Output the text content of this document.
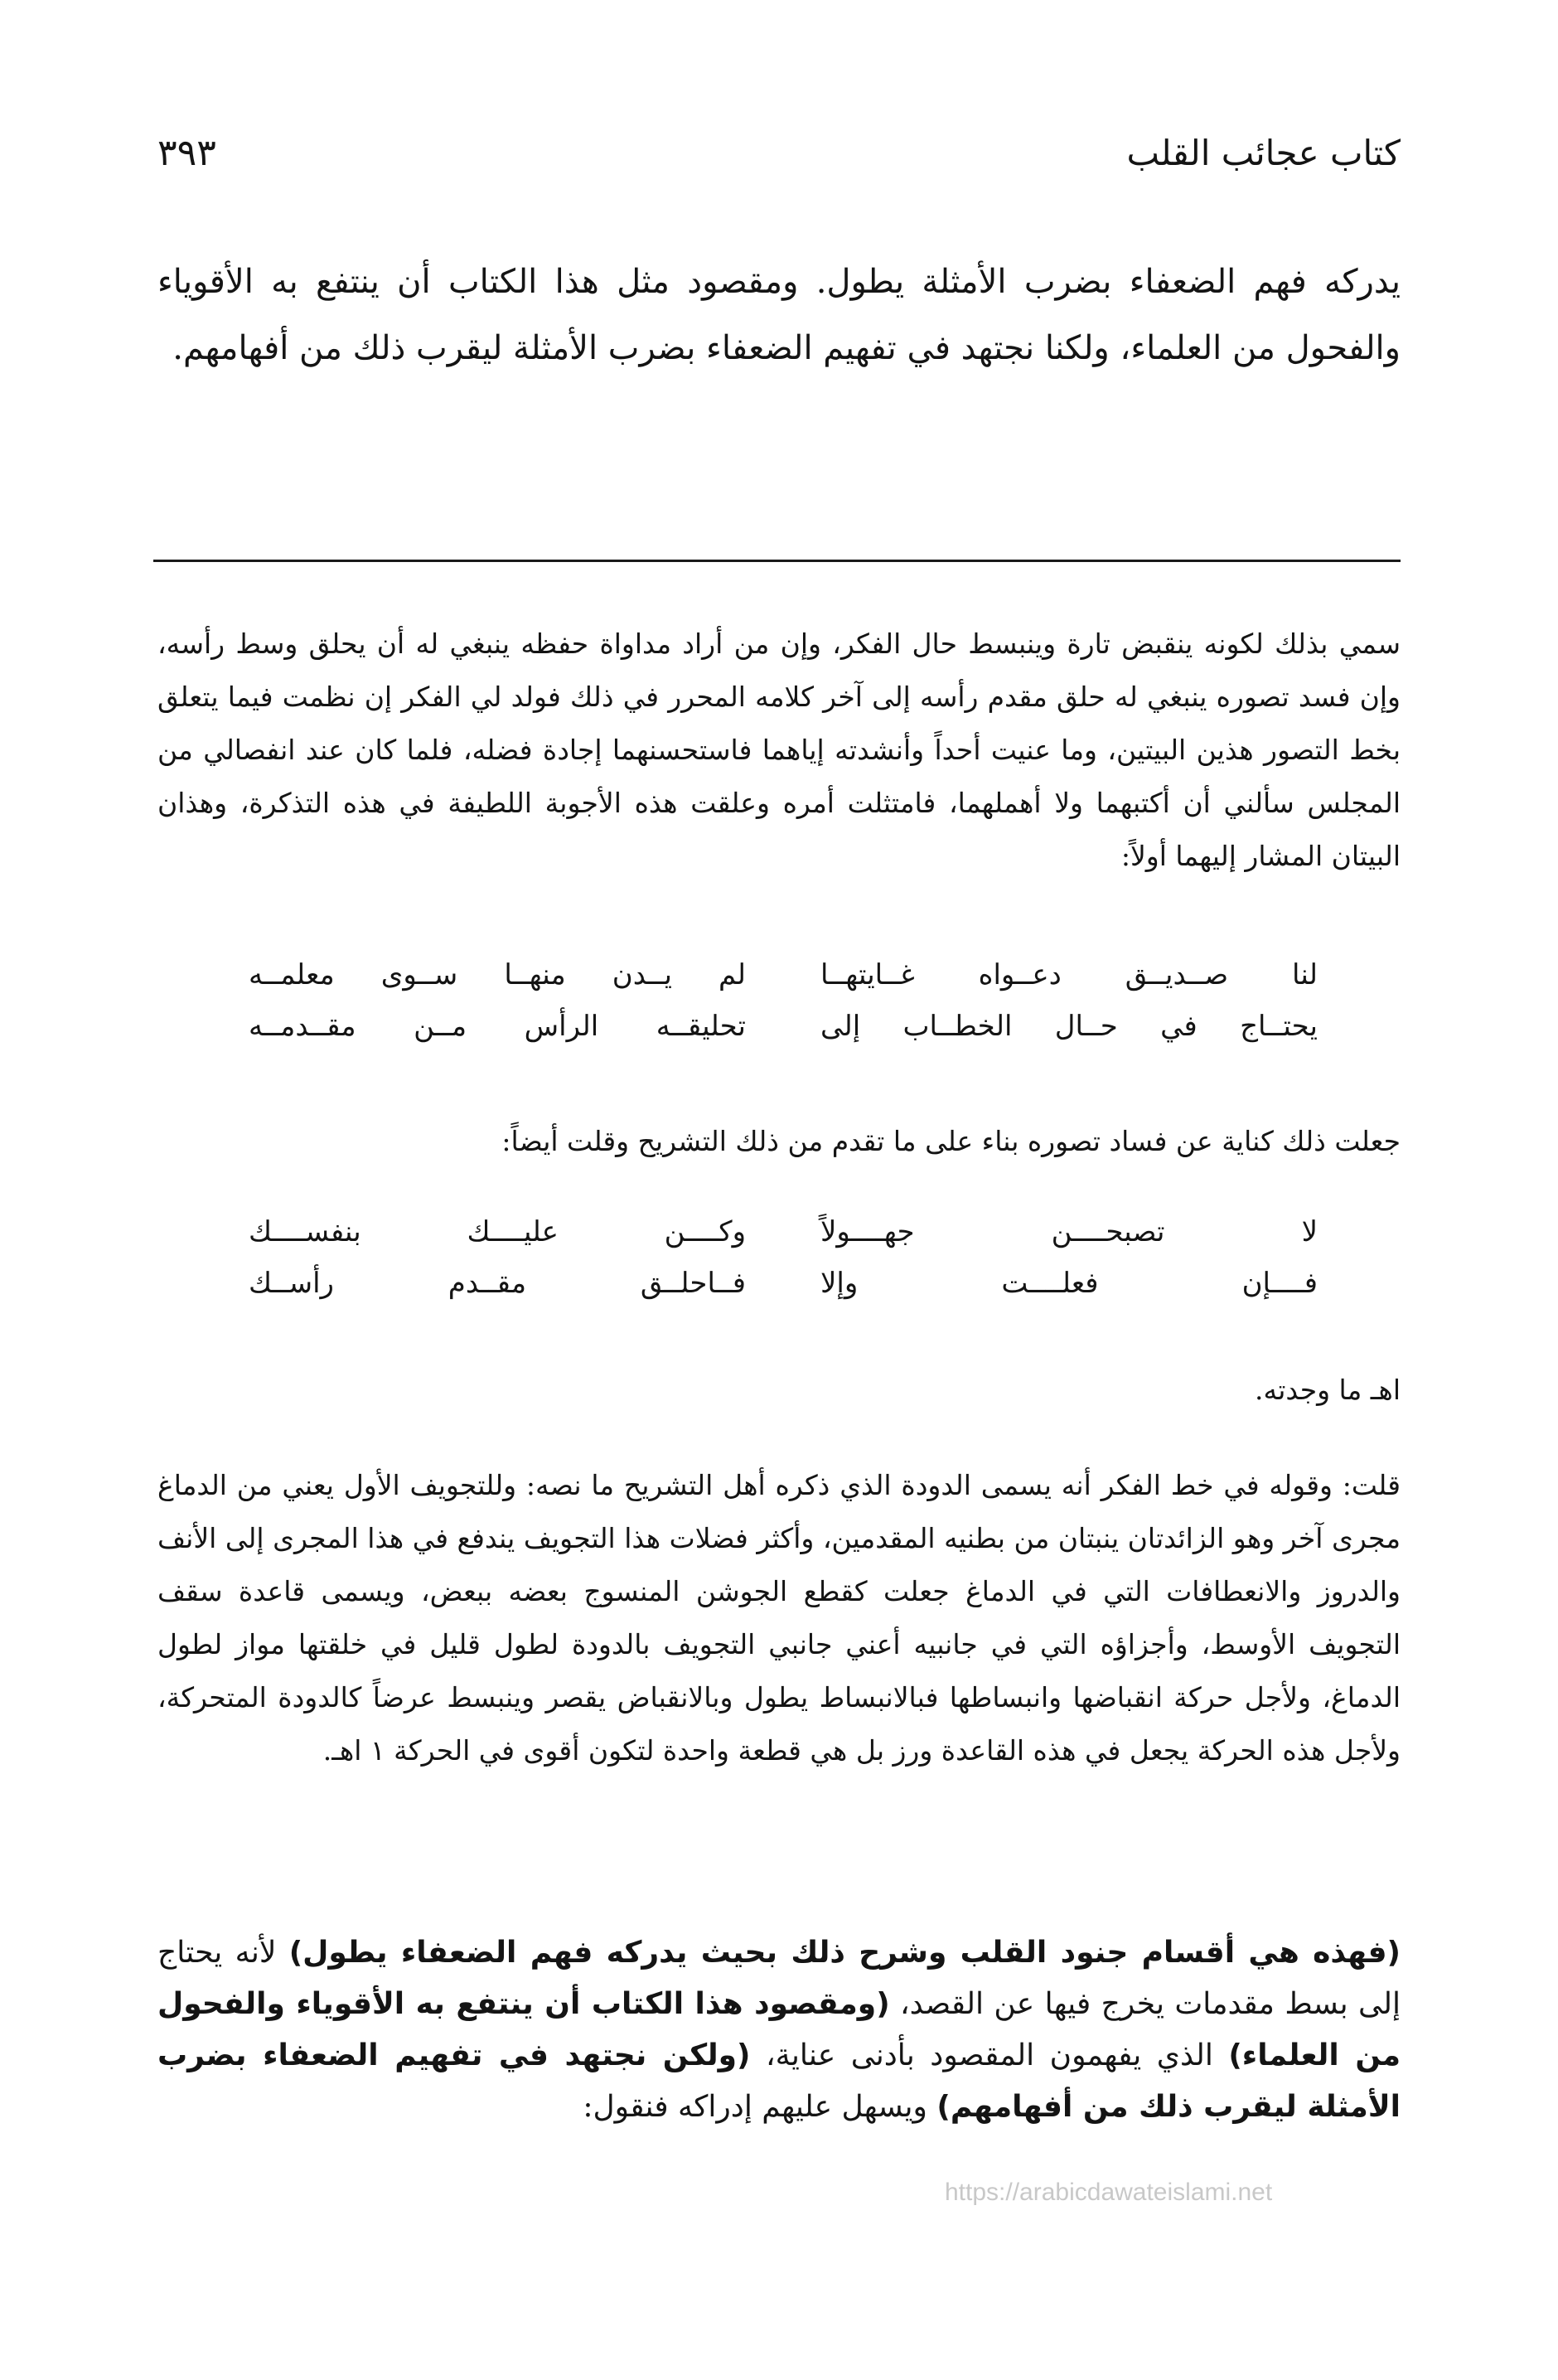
كتاب عجائب القلب
٣٩٣
يدركه فهم الضعفاء بضرب الأمثلة يطول. ومقصود مثل هذا الكتاب أن ينتفع به الأقوياء والفحول من العلماء، ولكنا نجتهد في تفهيم الضعفاء بضرب الأمثلة ليقرب ذلك من أفهامهم.
سمي بذلك لكونه ينقبض تارة وينبسط حال الفكر، وإن من أراد مداواة حفظه ينبغي له أن يحلق وسط رأسه، وإن فسد تصوره ينبغي له حلق مقدم رأسه إلى آخر كلامه المحرر في ذلك فولد لي الفكر إن نظمت فيما يتعلق بخط التصور هذين البيتين، وما عنيت أحداً وأنشدته إياهما فاستحسنهما إجادة فضله، فلما كان عند انفصالي من المجلس سألني أن أكتبهما ولا أهملهما، فامتثلت أمره وعلقت هذه الأجوبة اللطيفة في هذه التذكرة، وهذان البيتان المشار إليهما أولاً:
لنا صــديــق دعــواه غــايتهــا
لم يــدن منهــا ســوى معلمــه
يحتــاج في حــال الخطــاب إلى
تحليقــه الرأس مــن مقــدمــه
جعلت ذلك كناية عن فساد تصوره بناء على ما تقدم من ذلك التشريح وقلت أيضاً:
لا تصبحــــن جهــــولاً
وكــــن عليــــك بنفســــك
فــــإن فعلــــت وإلا
فــاحلــق مقــدم رأســك
اهـ ما وجدته.
قلت: وقوله في خط الفكر أنه يسمى الدودة الذي ذكره أهل التشريح ما نصه: وللتجويف الأول يعني من الدماغ مجرى آخر وهو الزائدتان ينبتان من بطنيه المقدمين، وأكثر فضلات هذا التجويف يندفع في هذا المجرى إلى الأنف والدروز والانعطافات التي في الدماغ جعلت كقطع الجوشن المنسوج بعضه ببعض، ويسمى قاعدة سقف التجويف الأوسط، وأجزاؤه التي في جانبيه أعني جانبي التجويف بالدودة لطول قليل في خلقتها مواز لطول الدماغ، ولأجل حركة انقباضها وانبساطها فبالانبساط يطول وبالانقباض يقصر وينبسط عرضاً كالدودة المتحركة، ولأجل هذه الحركة يجعل في هذه القاعدة ورز بل هي قطعة واحدة لتكون أقوى في الحركة ١ اهـ.
(فهذه هي أقسام جنود القلب وشرح ذلك بحيث يدركه فهم الضعفاء يطول) لأنه يحتاج إلى بسط مقدمات يخرج فيها عن القصد، (ومقصود هذا الكتاب أن ينتفع به الأقوياء والفحول من العلماء) الذي يفهمون المقصود بأدنى عناية، (ولكن نجتهد في تفهيم الضعفاء بضرب الأمثلة ليقرب ذلك من أفهامهم) ويسهل عليهم إدراكه فنقول:
https://arabicdawateislami.net
